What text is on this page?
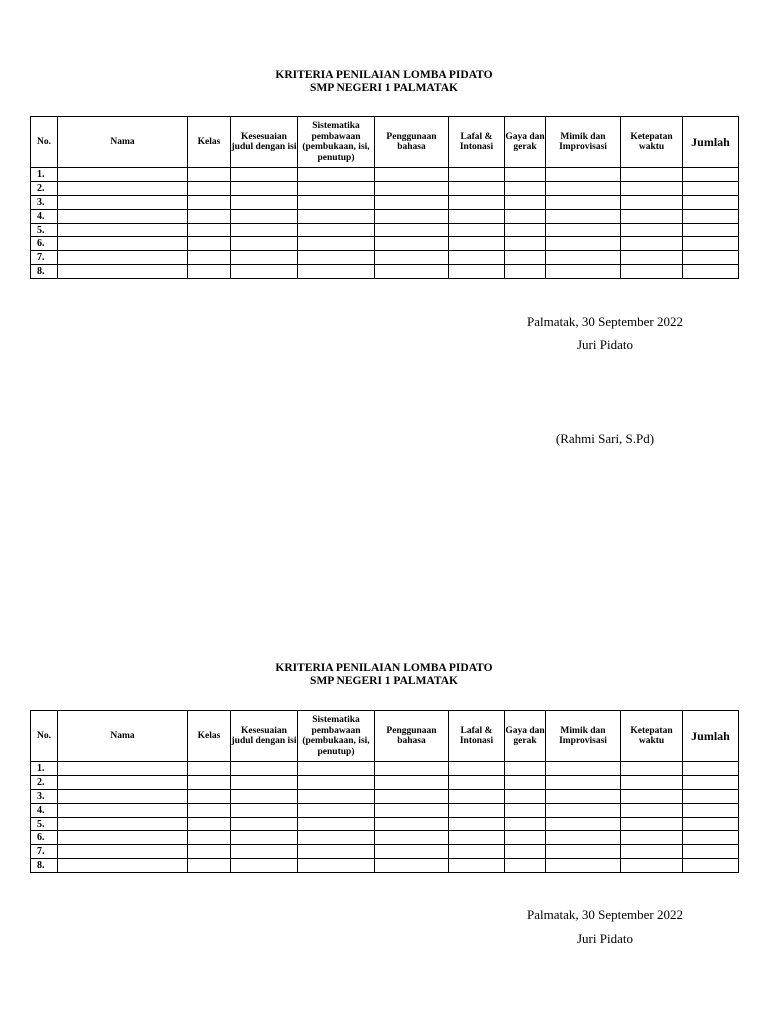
KRITERIA PENILAIAN LOMBA PIDATO
SMP NEGERI 1 PALMATAK
No.	Nama	Kelas	Kesesuaian judul dengan isi	Sistematika pembawaan (pembukaan, isi, penutup)	Penggunaan bahasa	Lafal & Intonasi	Gaya dan gerak	Mimik dan Improvisasi	Ketepatan waktu	Jumlah
1.										
2.										
3.										
4.										
5.										
6.										
7.										
8.										
Palmatak, 30 September 2022
Juri Pidato
(Rahmi Sari, S.Pd)
KRITERIA PENILAIAN LOMBA PIDATO
SMP NEGERI 1 PALMATAK
No.	Nama	Kelas	Kesesuaian judul dengan isi	Sistematika pembawaan (pembukaan, isi, penutup)	Penggunaan bahasa	Lafal & Intonasi	Gaya dan gerak	Mimik dan Improvisasi	Ketepatan waktu	Jumlah
1.										
2.										
3.										
4.										
5.										
6.										
7.										
8.										
Palmatak, 30 September 2022
Juri Pidato
